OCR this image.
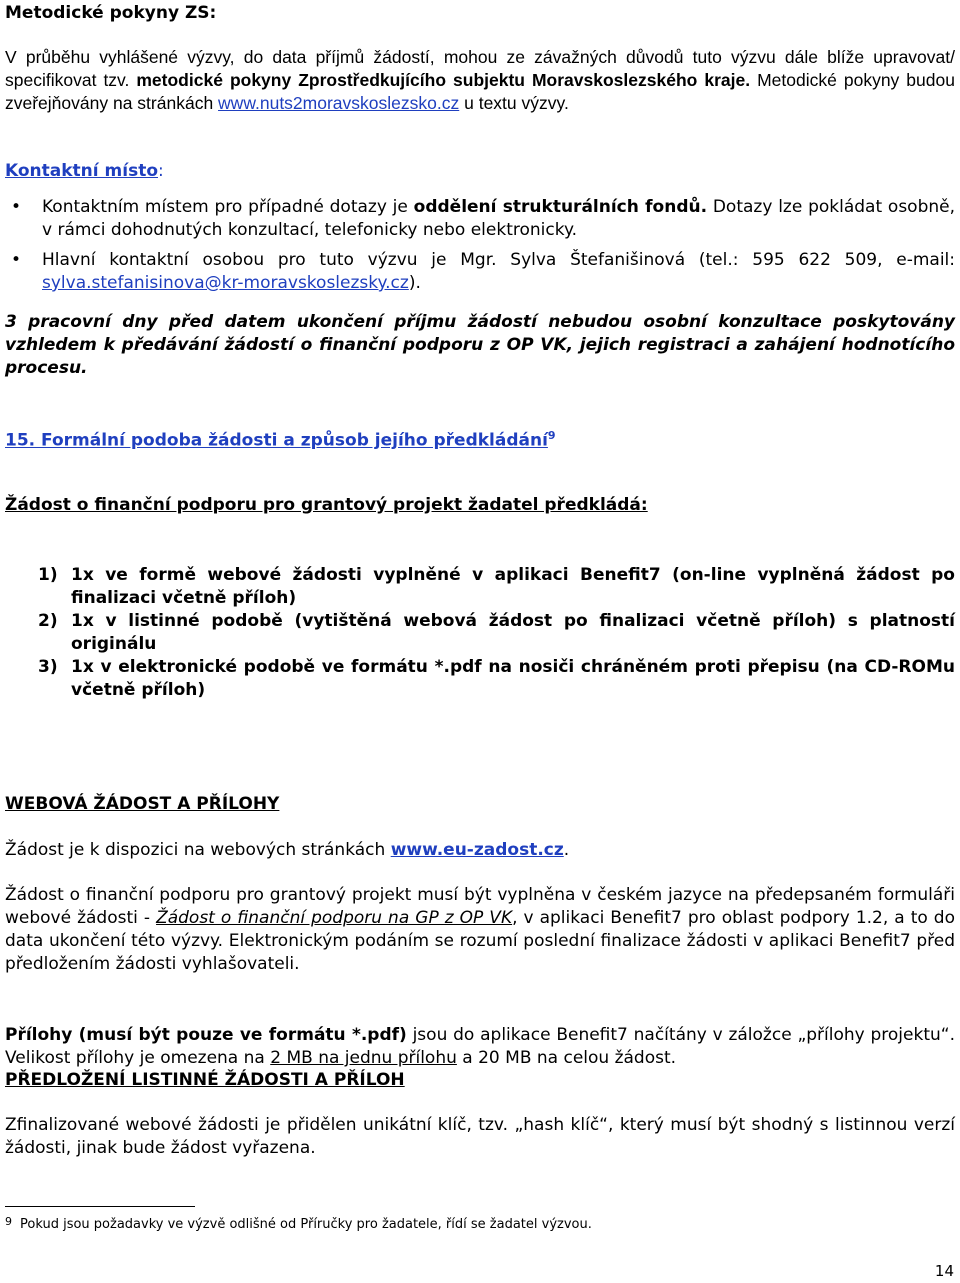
Metodické pokyny ZS:
V průběhu vyhlášené výzvy, do data příjmů žádostí, mohou ze závažných důvodů tuto výzvu dále blíže upravovat/ specifikovat tzv. metodické pokyny Zprostředkujícího subjektu Moravskoslezského kraje. Metodické pokyny budou zveřejňovány na stránkách www.nuts2moravskoslezsko.cz u textu výzvy.
Kontaktní místo:
• Kontaktním místem pro případné dotazy je oddělení strukturálních fondů. Dotazy lze pokládat osobně, v rámci dohodnutých konzultací, telefonicky nebo elektronicky.
• Hlavní kontaktní osobou pro tuto výzvu je Mgr. Sylva Štefanišinová (tel.: 595 622 509, e-mail: sylva.stefanisinova@kr-moravskoslezsky.cz).
3 pracovní dny před datem ukončení příjmu žádostí nebudou osobní konzultace poskytovány vzhledem k předávání žádostí o finanční podporu z OP VK, jejich registraci a zahájení hodnotícího procesu.
15. Formální podoba žádosti a způsob jejího předkládání$^9$
Žádost o finanční podporu pro grantový projekt žadatel předkládá:
1) 1x ve formě webové žádosti vyplněné v aplikaci Benefit7 (on-line vyplněná žádost po finalizaci včetně příloh)
2) 1x v listinné podobě (vytištěná webová žádost po finalizaci včetně příloh) s platností originálu
3) 1x v elektronické podobě ve formátu *.pdf na nosiči chráněném proti přepisu (na CD-ROMu včetně příloh)
WEBOVÁ ŽÁDOST A PŘÍLOHY
Žádost je k dispozici na webových stránkách www.eu-zadost.cz.
Žádost o finanční podporu pro grantový projekt musí být vyplněna v českém jazyce na předepsaném formuláři webové žádosti - Žádost o finanční podporu na GP z OP VK, v aplikaci Benefit7 pro oblast podpory 1.2, a to do data ukončení této výzvy. Elektronickým podáním se rozumí poslední finalizace žádosti v aplikaci Benefit7 před předložením žádosti vyhlašovateli.
Přílohy (musí být pouze ve formátu *.pdf) jsou do aplikace Benefit7 načítány v záložce „přílohy projektu“. Velikost přílohy je omezena na 2 MB na jednu přílohu a 20 MB na celou žádost.
PŘEDLOŽENÍ LISTINNÉ ŽÁDOSTI A PŘÍLOH
Zfinalizované webové žádosti je přidělen unikátní klíč, tzv. „hash klíč“, který musí být shodný s listinnou verzí žádosti, jinak bude žádost vyřazena.
$^9$ Pokud jsou požadavky ve výzvě odlišné od Příručky pro žadatele, řídí se žadatel výzvou.
14
